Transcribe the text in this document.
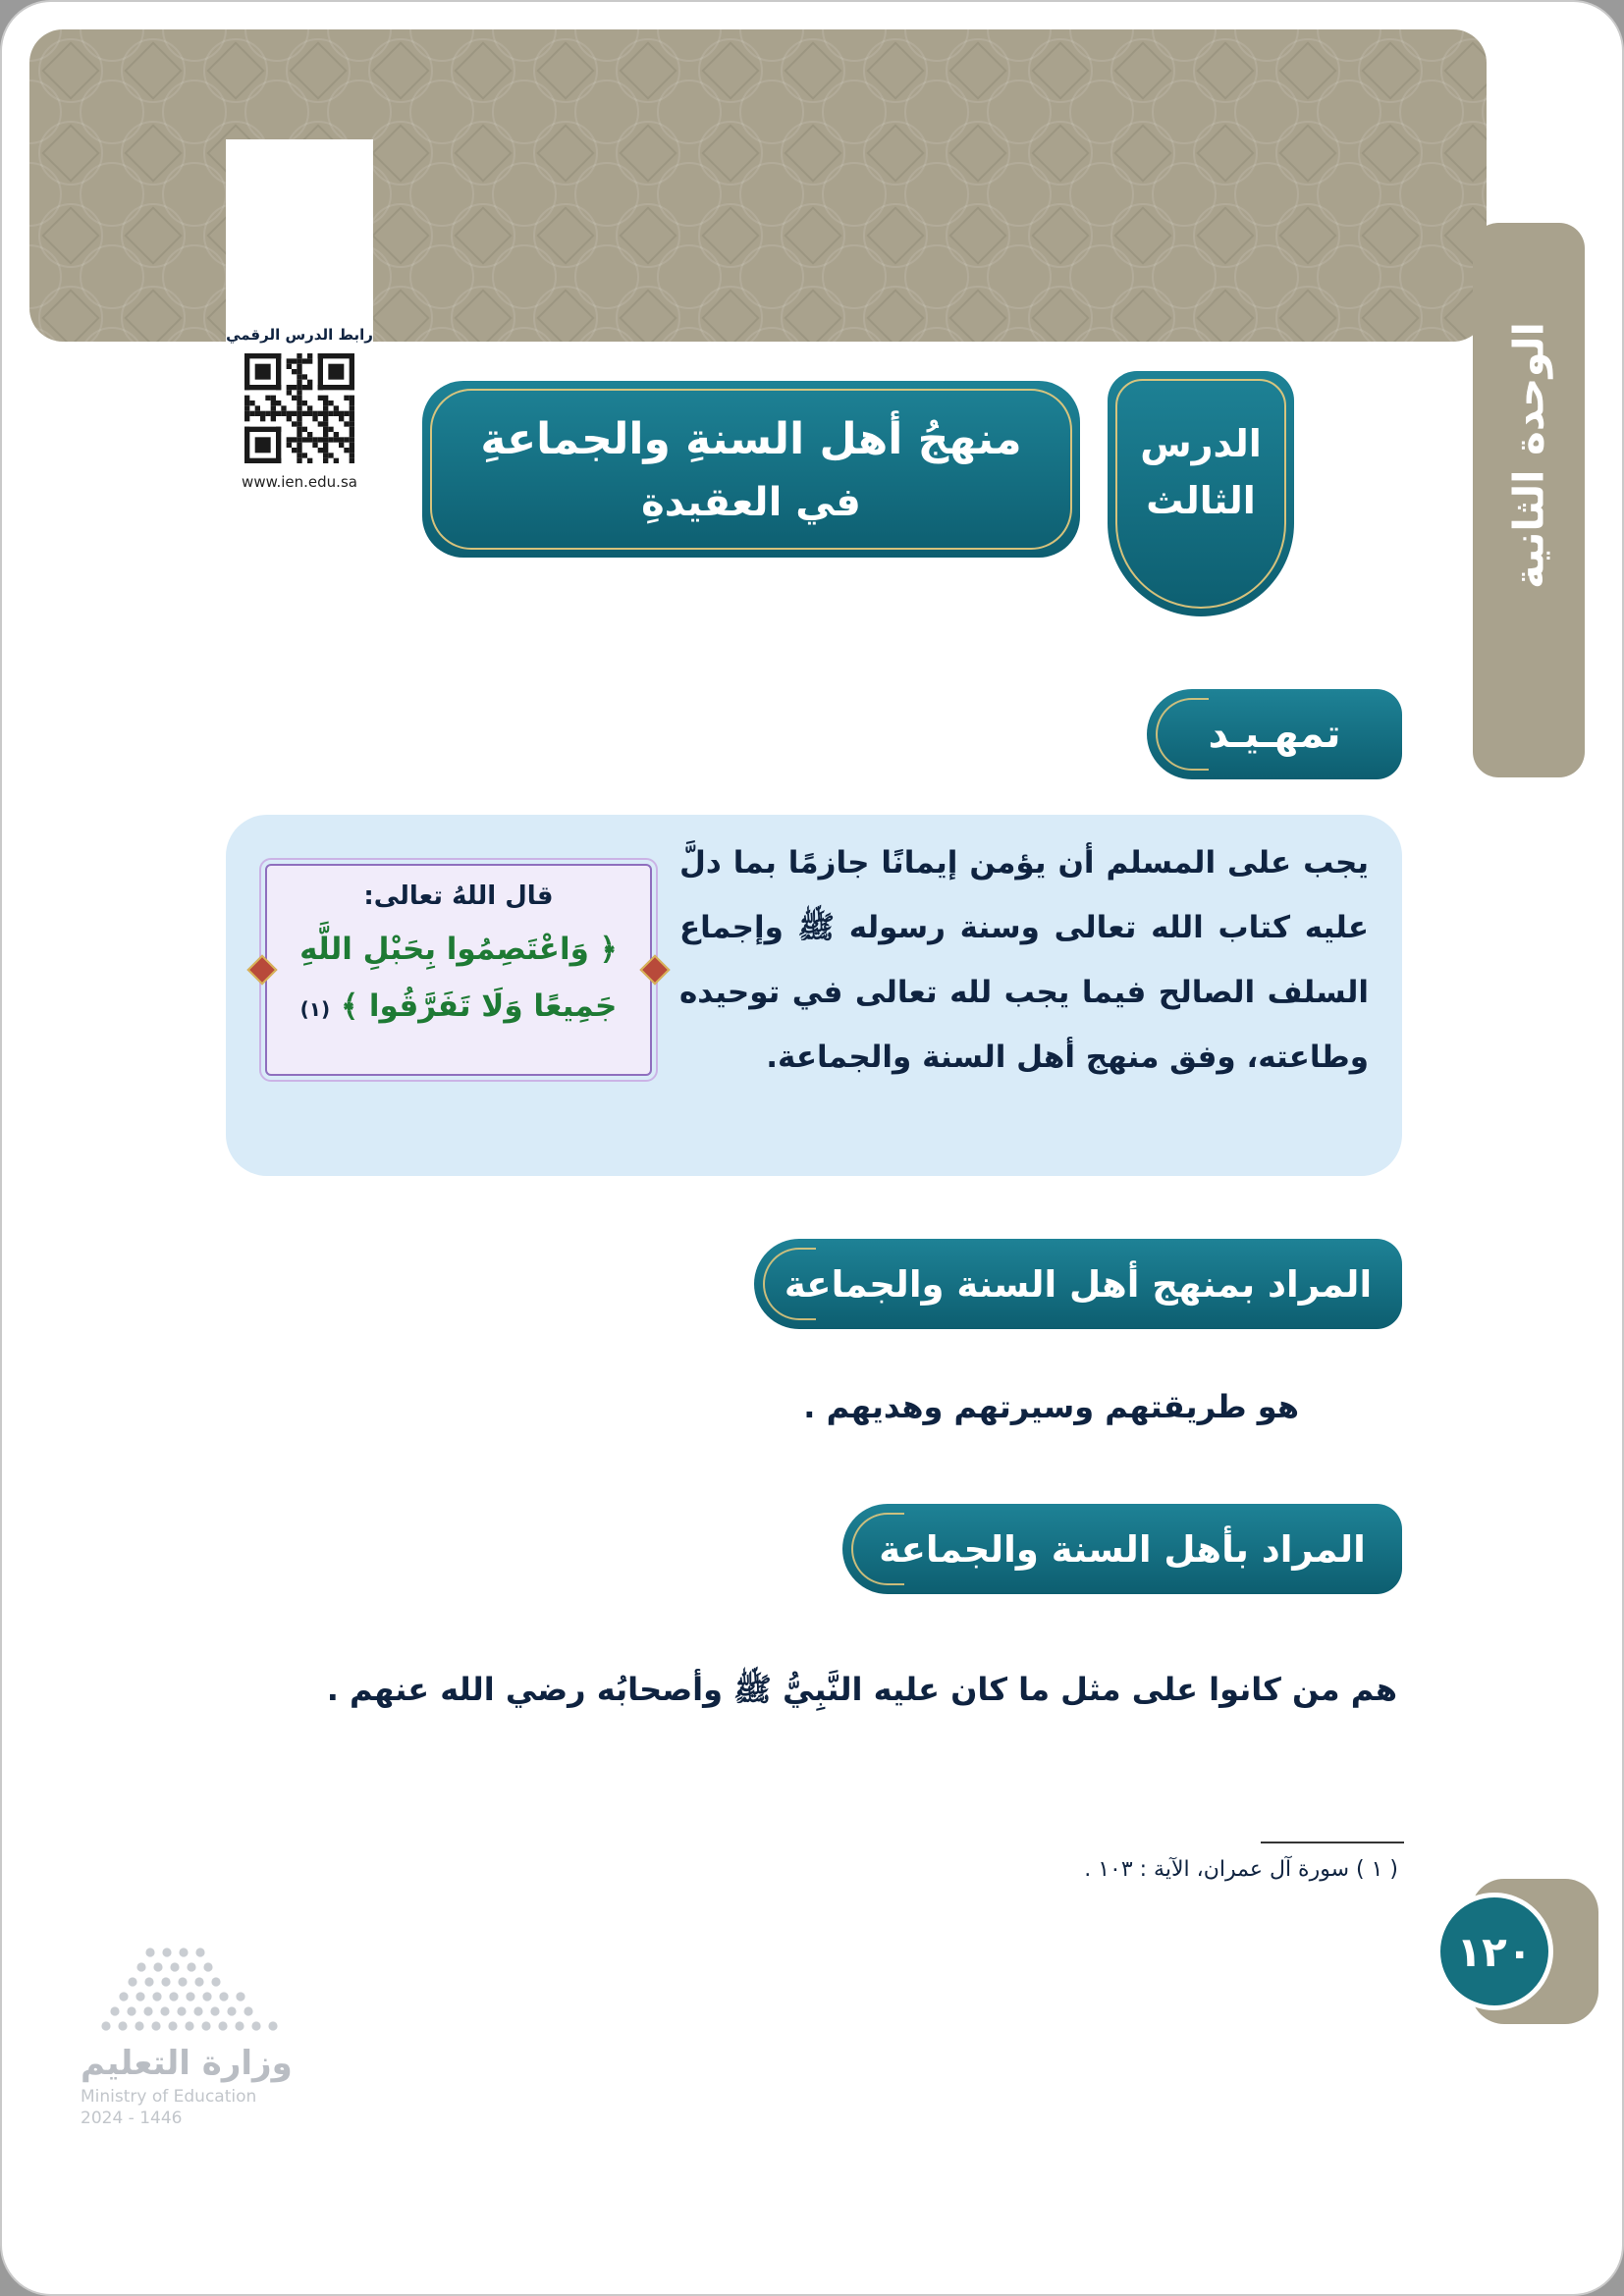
الوحدة الثانية
رابط الدرس الرقمي
www.ien.edu.sa
الدرس
الثالث
منهجُ أهل السنةِ والجماعةِ
في العقيدةِ
تمهـيـد

يجب على المسلم أن يؤمن إيمانًا جازمًا بما دلَّ عليه كتاب الله تعالى وسنة رسوله ﷺ وإجماع السلف الصالح فيما يجب لله تعالى في توحيده وطاعته، وفق منهج أهل السنة والجماعة.

قال اللهُ تعالى:
﴿ وَاعْتَصِمُوا بِحَبْلِ اللَّهِ جَمِيعًا وَلَا تَفَرَّقُوا ﴾ (١)
المراد بمنهج أهل السنة والجماعة

هو طريقتهم وسيرتهم وهديهم .

المراد بأهل السنة والجماعة

هم من كانوا على مثل ما كان عليه النَّبِيُّ ﷺ وأصحابُه رضي الله عنهم .

( ١ ) سورة آل عمران، الآية : ١٠٣ .

١٢٠
وزارة التعليم
Ministry of Education
2024 - 1446
